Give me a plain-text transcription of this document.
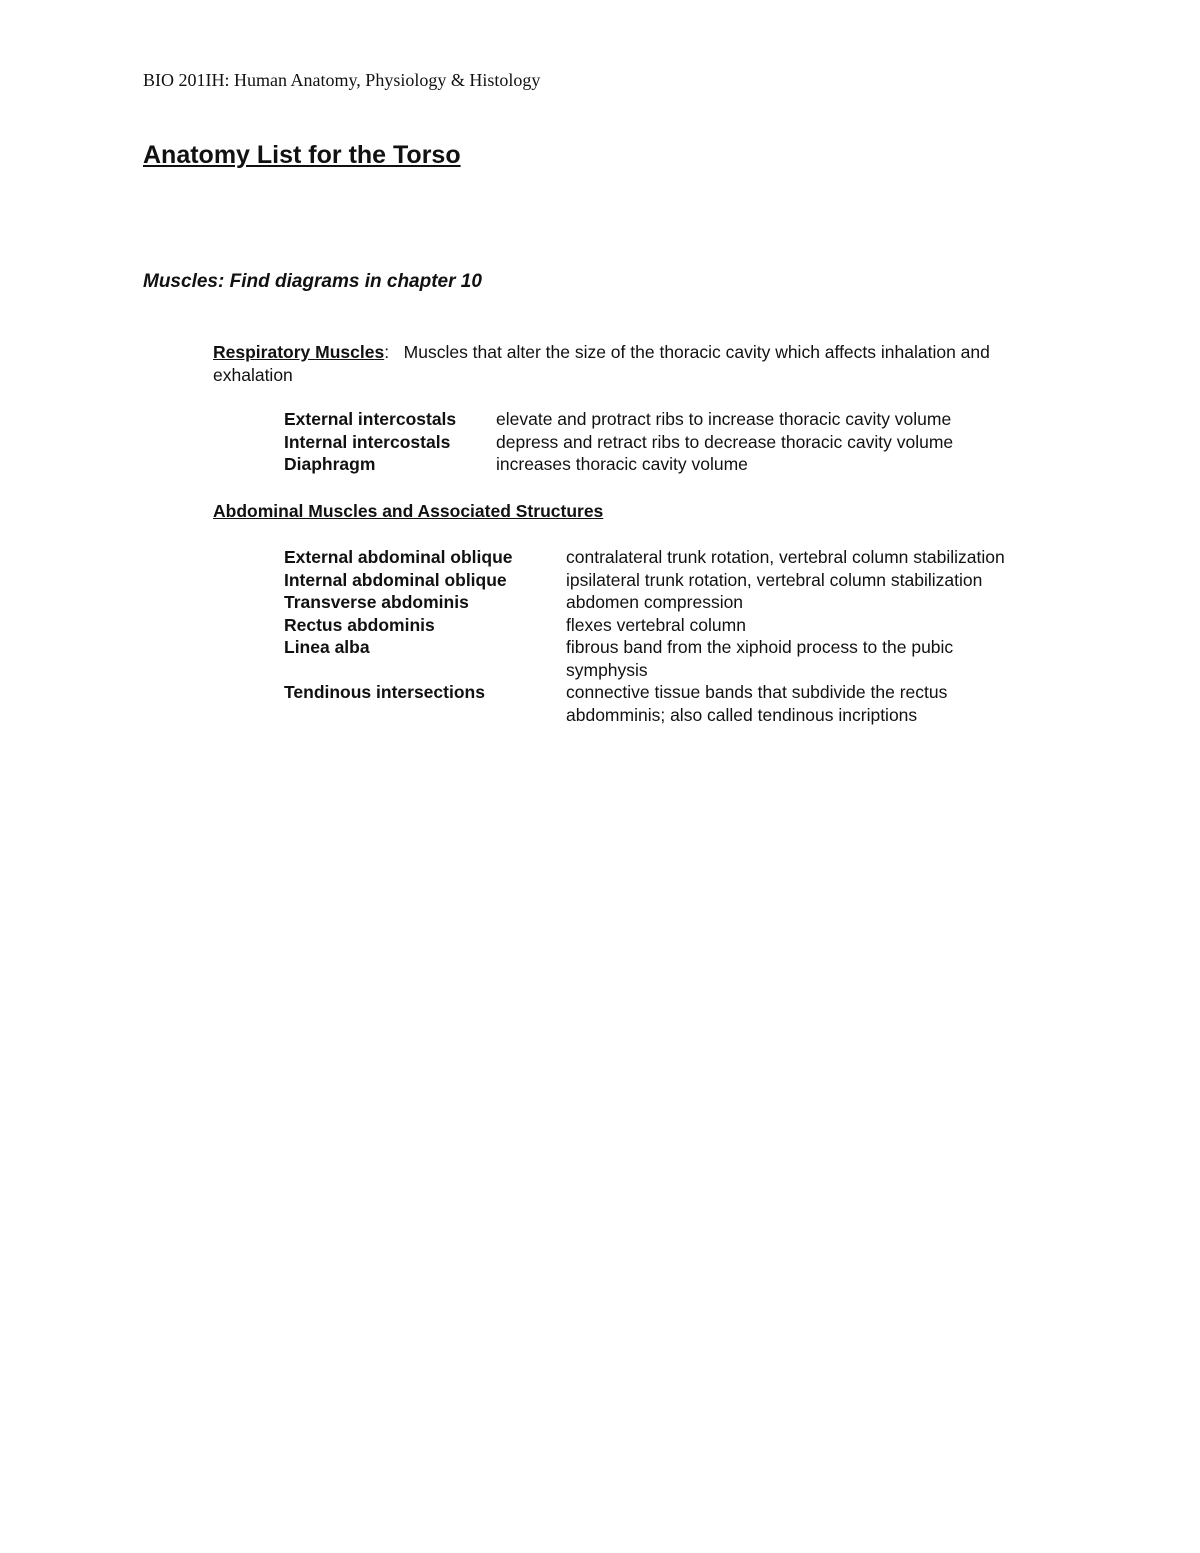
BIO 201IH: Human Anatomy, Physiology & Histology
Anatomy List for the Torso
Muscles: Find diagrams in chapter 10
Respiratory Muscles:   Muscles that alter the size of the thoracic cavity which affects inhalation and exhalation
External intercostals	elevate and protract ribs to increase thoracic cavity volume
Internal intercostals	depress and retract ribs to decrease thoracic cavity volume
Diaphragm	increases thoracic cavity volume
Abdominal Muscles and Associated Structures
External abdominal oblique	contralateral trunk rotation, vertebral column stabilization
Internal abdominal oblique	ipsilateral trunk rotation, vertebral column stabilization
Transverse abdominis	abdomen compression
Rectus abdominis	flexes vertebral column
Linea alba	fibrous band from the xiphoid process to the pubic symphysis
Tendinous intersections	connective tissue bands that subdivide the rectus abdomminis; also called tendinous incriptions
